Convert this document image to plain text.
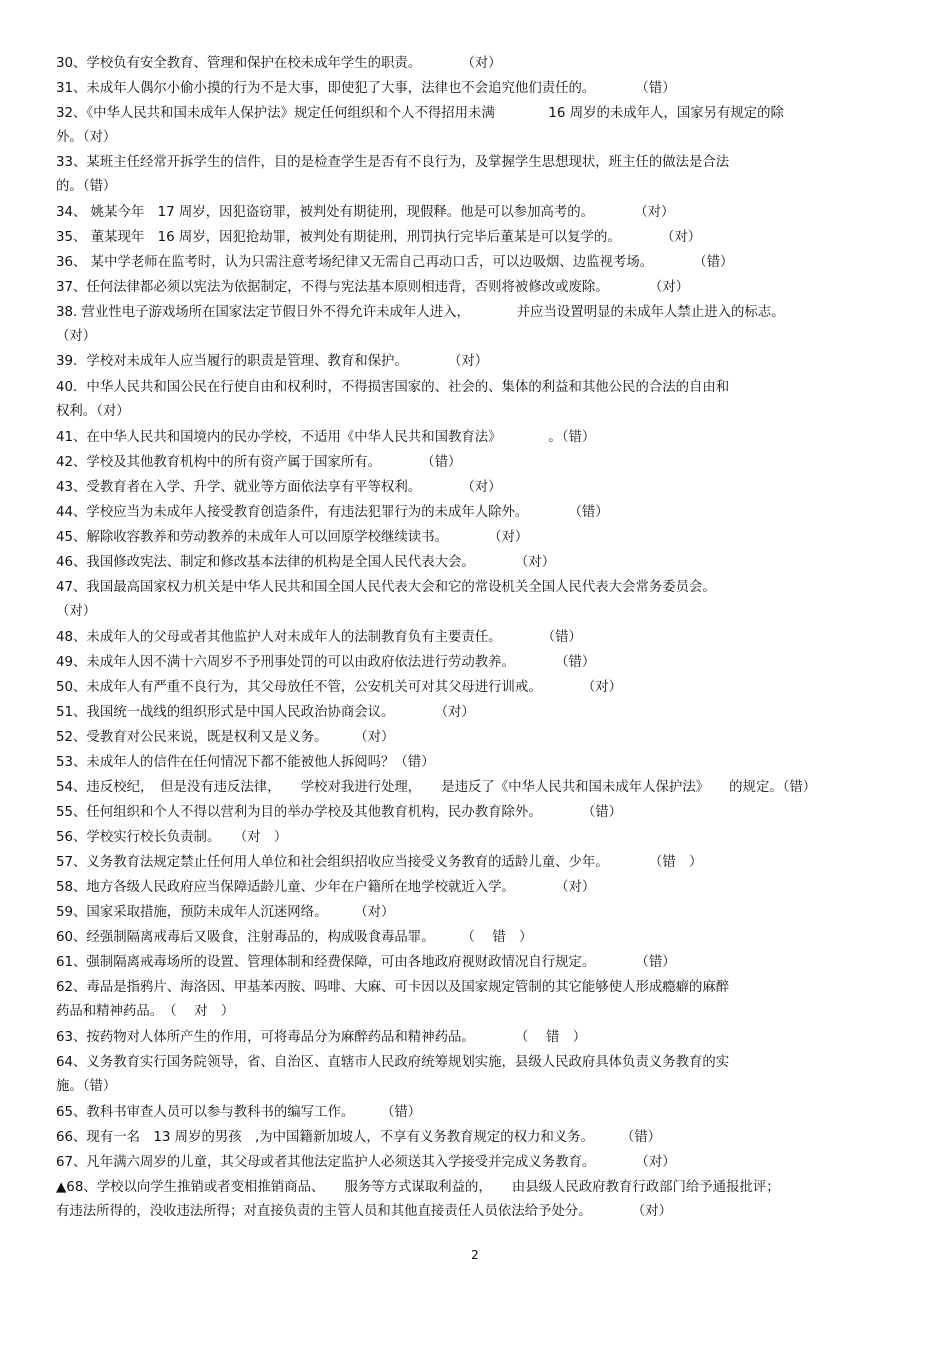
30、学校负有安全教育、管理和保护在校未成年学生的职责。　　　　（对）
31、未成年人偶尔小偷小摸的行为不是大事，即使犯了大事，法律也不会追究他们责任的。　　　　（错）
32、《中华人民共和国未成年人保护法》规定任何组织和个人不得招用未满　　　　16 周岁的未成年人，国家另有规定的除
外。（对）
33、某班主任经常开拆学生的信件，目的是检查学生是否有不良行为，及掌握学生思想现状，班主任的做法是合法
的。（错）
34、 姚某今年　17 周岁，因犯盗窃罪，被判处有期徒刑，现假释。他是可以参加高考的。　　　　（对）
35、 董某现年　16 周岁，因犯抢劫罪，被判处有期徒刑，刑罚执行完毕后董某是可以复学的。　　　　（对）
36、 某中学老师在监考时，认为只需注意考场纪律又无需自己再动口舌，可以边吸烟、边监视考场。　　　　（错）
37、任何法律都必须以宪法为依据制定，不得与宪法基本原则相违背，否则将被修改或废除。　　　　（对）
38. 营业性电子游戏场所在国家法定节假日外不得允许未成年人进入，　　　　并应当设置明显的未成年人禁止进入的标志。
（对）
39．学校对未成年人应当履行的职责是管理、教育和保护。　　　　（对）
40．中华人民共和国公民在行使自由和权利时，不得损害国家的、社会的、集体的利益和其他公民的合法的自由和
权利。（对）
41、在中华人民共和国境内的民办学校，不适用《中华人民共和国教育法》　　　　。（错）
42、学校及其他教育机构中的所有资产属于国家所有。　　　　（错）
43、受教育者在入学、升学、就业等方面依法享有平等权利。　　　　（对）
44、学校应当为未成年人接受教育创造条件，有违法犯罪行为的未成年人除外。　　　　（错）
45、解除收容教养和劳动教养的未成年人可以回原学校继续读书。　　　　（对）
46、我国修改宪法、制定和修改基本法律的机构是全国人民代表大会。　　　　（对）
47、我国最高国家权力机关是中华人民共和国全国人民代表大会和它的常设机关全国人民代表大会常务委员会。
（对）
48、未成年人的父母或者其他监护人对未成年人的法制教育负有主要责任。　　　　（错）
49、未成年人因不满十六周岁不予刑事处罚的可以由政府依法进行劳动教养。　　　　（错）
50、未成年人有严重不良行为，其父母放任不管，公安机关可对其父母进行训戒。　　　　（对）
51、我国统一战线的组织形式是中国人民政治协商会议。　　　　（对）
52、受教育对公民来说，既是权利又是义务。　　　（对）
53、未成年人的信件在任何情况下都不能被他人拆阅吗？（错）
54、违反校纪，　但是没有违反法律，　　学校对我进行处理，　　是违反了《中华人民共和国未成年人保护法》　　的规定。（错）
55、任何组织和个人不得以营利为目的举办学校及其他教育机构，民办教育除外。　　　　（错）
56、学校实行校长负责制。　　（对　）
57、义务教育法规定禁止任何用人单位和社会组织招收应当接受义务教育的适龄儿童、少年。　　　　（错　）
58、地方各级人民政府应当保障适龄儿童、少年在户籍所在地学校就近入学。　　　　（对）
59、国家采取措施，预防未成年人沉迷网络。　　　（对）
60、经强制隔离戒毒后又吸食，注射毒品的，构成吸食毒品罪。　　　（　 错　）
61、强制隔离戒毒场所的设置、管理体制和经费保障，可由各地政府视财政情况自行规定。　　　　（错）
62、毒品是指鸦片、海洛因、甲基苯丙胺、吗啡、大麻、可卡因以及国家规定管制的其它能够使人形成瘾癖的麻醉
药品和精神药品。　（　 对　）
63、按药物对人体所产生的作用，可将毒品分为麻醉药品和精神药品。　　　　（　 错　）
64、义务教育实行国务院领导，省、自治区、直辖市人民政府统筹规划实施，县级人民政府具体负责义务教育的实
施。（错）
65、教科书审查人员可以参与教科书的编写工作。　　　（错）
66、现有一名　13 周岁的男孩　,为中国籍新加坡人，不享有义务教育规定的权力和义务。　　　（错）
67、凡年满六周岁的儿童，其父母或者其他法定监护人必须送其入学接受并完成义务教育。　　　　（对）
▲68、学校以向学生推销或者变相推销商品、　　服务等方式谋取利益的，　　由县级人民政府教育行政部门给予通报批评；
有违法所得的，没收违法所得；对直接负责的主管人员和其他直接责任人员依法给予处分。　　　　（对）
2
